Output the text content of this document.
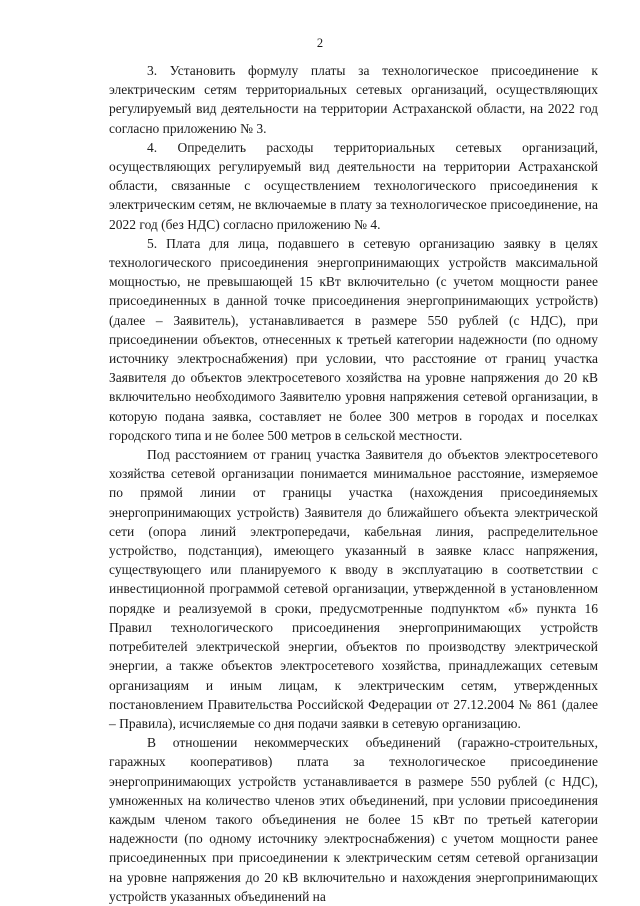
2

3. Установить формулу платы за технологическое присоединение к электрическим сетям территориальных сетевых организаций, осуществляющих регулируемый вид деятельности на территории Астраханской области, на 2022 год согласно приложению № 3.

4. Определить расходы территориальных сетевых организаций, осуществляющих регулируемый вид деятельности на территории Астраханской области, связанные с осуществлением технологического присоединения к электрическим сетям, не включаемые в плату за технологическое присоединение, на 2022 год (без НДС) согласно приложению № 4.

5. Плата для лица, подавшего в сетевую организацию заявку в целях технологического присоединения энергопринимающих устройств максимальной мощностью, не превышающей 15 кВт включительно (с учетом мощности ранее присоединенных в данной точке присоединения энергопринимающих устройств) (далее – Заявитель), устанавливается в размере 550 рублей (с НДС), при присоединении объектов, отнесенных к третьей категории надежности (по одному источнику электроснабжения) при условии, что расстояние от границ участка Заявителя до объектов электросетевого хозяйства на уровне напряжения до 20 кВ включительно необходимого Заявителю уровня напряжения сетевой организации, в которую подана заявка, составляет не более 300 метров в городах и поселках городского типа и не более 500 метров в сельской местности.

Под расстоянием от границ участка Заявителя до объектов электросетевого хозяйства сетевой организации понимается минимальное расстояние, измеряемое по прямой линии от границы участка (нахождения присоединяемых энергопринимающих устройств) Заявителя до ближайшего объекта электрической сети (опора линий электропередачи, кабельная линия, распределительное устройство, подстанция), имеющего указанный в заявке класс напряжения, существующего или планируемого к вводу в эксплуатацию в соответствии с инвестиционной программой сетевой организации, утвержденной в установленном порядке и реализуемой в сроки, предусмотренные подпунктом «б» пункта 16 Правил технологического присоединения энергопринимающих устройств потребителей электрической энергии, объектов по производству электрической энергии, а также объектов электросетевого хозяйства, принадлежащих сетевым организациям и иным лицам, к электрическим сетям, утвержденных постановлением Правительства Российской Федерации от 27.12.2004 № 861 (далее – Правила), исчисляемые со дня подачи заявки в сетевую организацию.

В отношении некоммерческих объединений (гаражно-строительных, гаражных кооперативов) плата за технологическое присоединение энергопринимающих устройств устанавливается в размере 550 рублей (с НДС), умноженных на количество членов этих объединений, при условии присоединения каждым членом такого объединения не более 15 кВт по третьей категории надежности (по одному источнику электроснабжения) с учетом мощности ранее присоединенных при присоединении к электрическим сетям сетевой организации на уровне напряжения до 20 кВ включительно и нахождения энергопринимающих устройств указанных объединений на
